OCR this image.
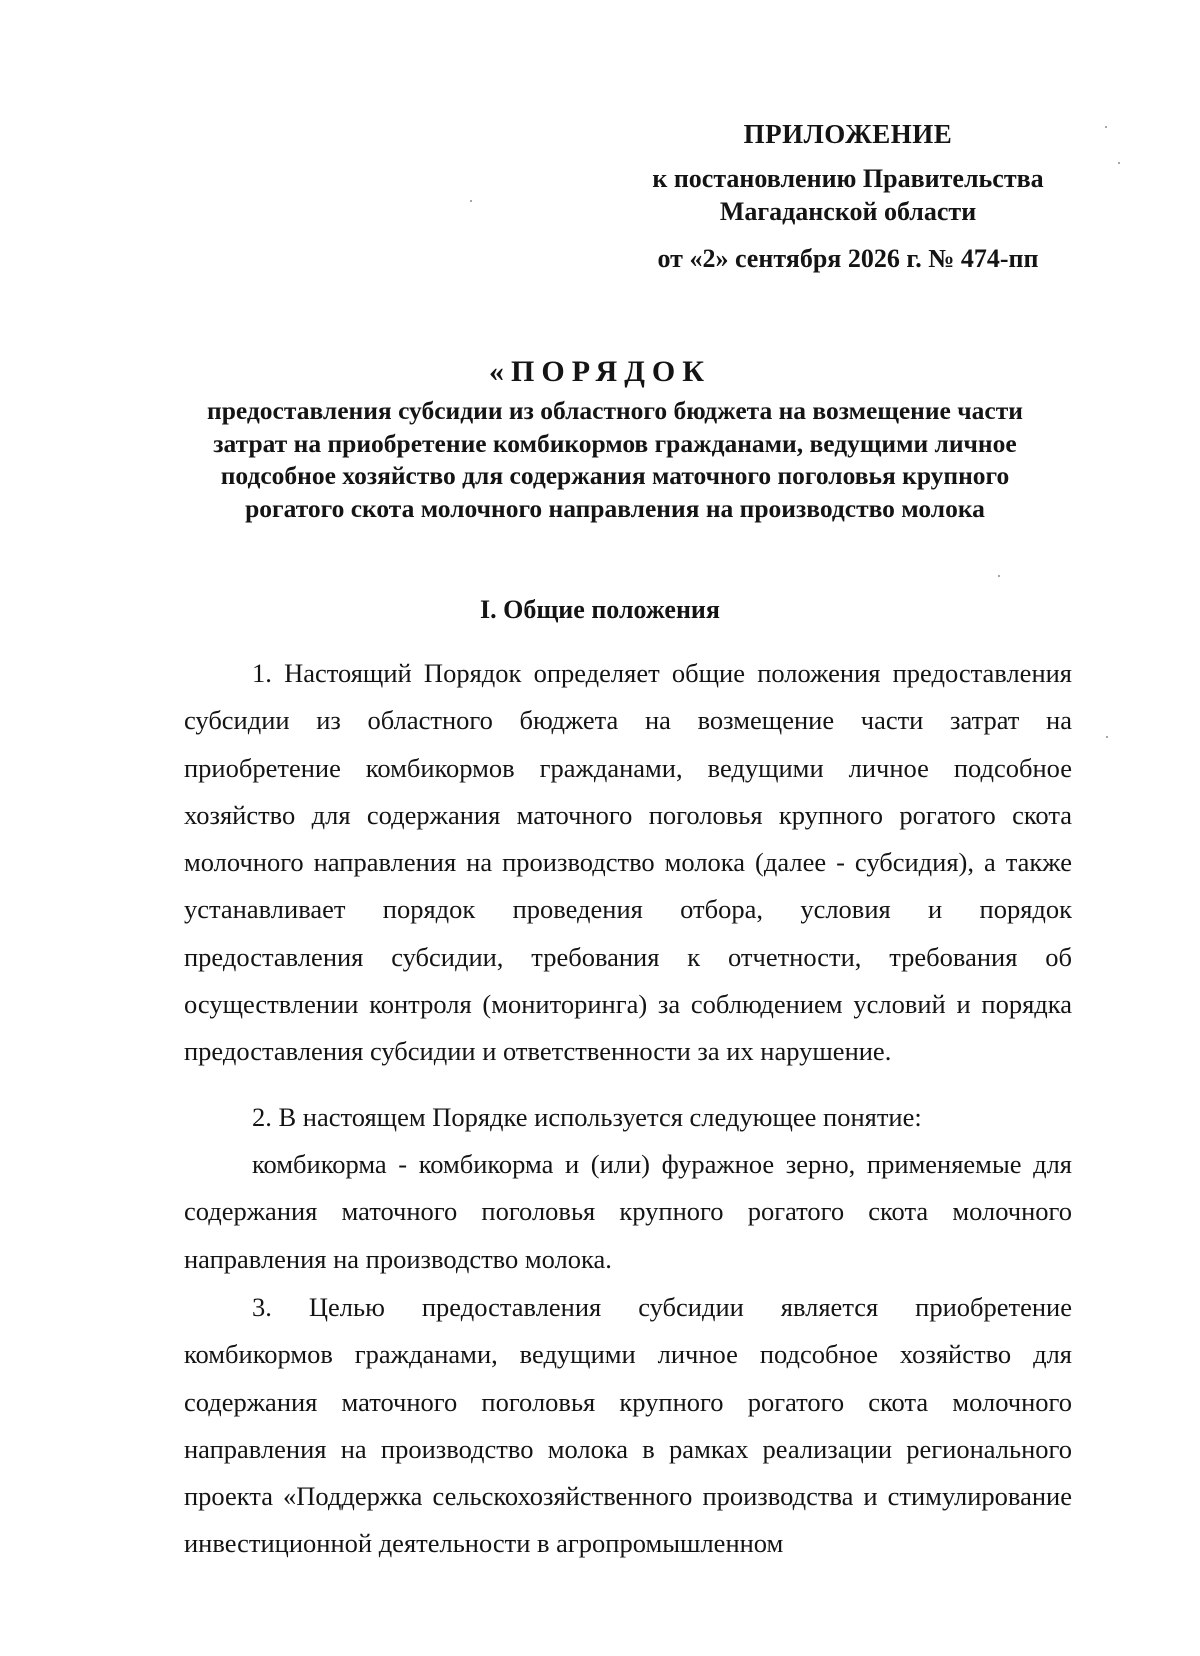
ПРИЛОЖЕНИЕ
к постановлению Правительства
Магаданской области
от «2» сентября 2026 г. № 474-пп
«ПОРЯДОК
предоставления субсидии из областного бюджета на возмещение части затрат на приобретение комбикормов гражданами, ведущими личное подсобное хозяйство для содержания маточного поголовья крупного рогатого скота молочного направления на производство молока
I. Общие положения

1. Настоящий Порядок определяет общие положения предоставления субсидии из областного бюджета на возмещение части затрат на приобретение комбикормов гражданами, ведущими личное подсобное хозяйство для содержания маточного поголовья крупного рогатого скота молочного направления на производство молока (далее - субсидия), а также устанавливает порядок проведения отбора, условия и порядок предоставления субсидии, требования к отчетности, требования об осуществлении контроля (мониторинга) за соблюдением условий и порядка предоставления субсидии и ответственности за их нарушение.

2. В настоящем Порядке используется следующее понятие:

комбикорма - комбикорма и (или) фуражное зерно, применяемые для содержания маточного поголовья крупного рогатого скота молочного направления на производство молока.

3. Целью предоставления субсидии является приобретение комбикормов гражданами, ведущими личное подсобное хозяйство для содержания маточного поголовья крупного рогатого скота молочного направления на производство молока в рамках реализации регионального проекта «Поддержка сельскохозяйственного производства и стимулирование инвестиционной деятельности в агропромышленном
